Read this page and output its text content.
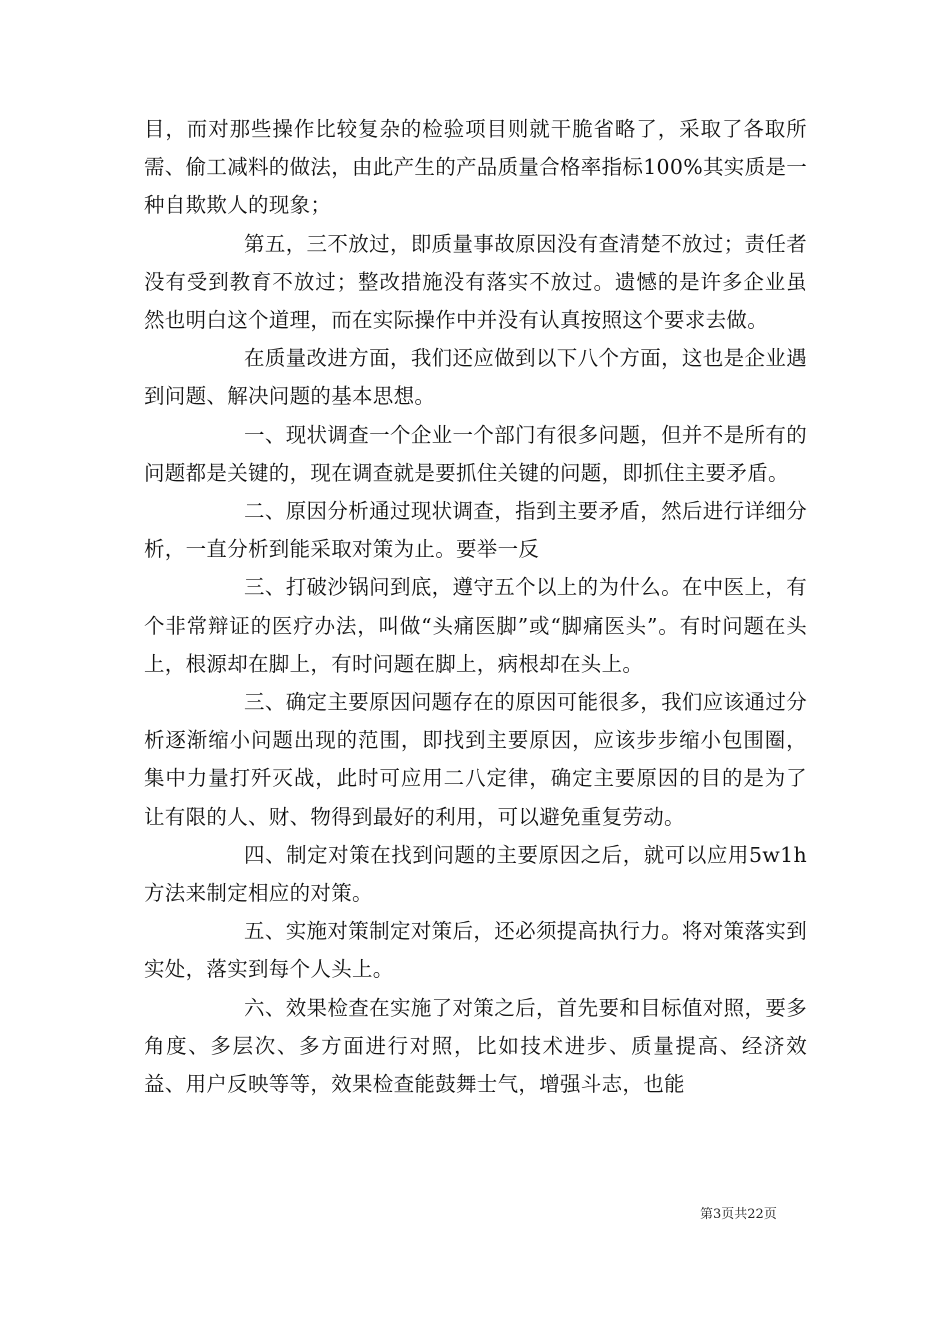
目，而对那些操作比较复杂的检验项目则就干脆省略了，采取了各取所需、偷工减料的做法，由此产生的产品质量合格率指标100%其实质是一种自欺欺人的现象；

第五，三不放过，即质量事故原因没有查清楚不放过；责任者没有受到教育不放过；整改措施没有落实不放过。遗憾的是许多企业虽然也明白这个道理，而在实际操作中并没有认真按照这个要求去做。

在质量改进方面，我们还应做到以下八个方面，这也是企业遇到问题、解决问题的基本思想。

一、现状调查一个企业一个部门有很多问题，但并不是所有的问题都是关键的，现在调查就是要抓住关键的问题，即抓住主要矛盾。

二、原因分析通过现状调查，指到主要矛盾，然后进行详细分析，一直分析到能采取对策为止。要举一反

三、打破沙锅问到底，遵守五个以上的为什么。在中医上，有个非常辩证的医疗办法，叫做“头痛医脚”或“脚痛医头”。有时问题在头上，根源却在脚上，有时问题在脚上，病根却在头上。

三、确定主要原因问题存在的原因可能很多，我们应该通过分析逐渐缩小问题出现的范围，即找到主要原因，应该步步缩小包围圈，集中力量打歼灭战，此时可应用二八定律，确定主要原因的目的是为了让有限的人、财、物得到最好的利用，可以避免重复劳动。

四、制定对策在找到问题的主要原因之后，就可以应用5w1h方法来制定相应的对策。

五、实施对策制定对策后，还必须提高执行力。将对策落实到实处，落实到每个人头上。

六、效果检查在实施了对策之后，首先要和目标值对照，要多角度、多层次、多方面进行对照，比如技术进步、质量提高、经济效益、用户反映等等，效果检查能鼓舞士气，增强斗志，也能

第3页共22页
